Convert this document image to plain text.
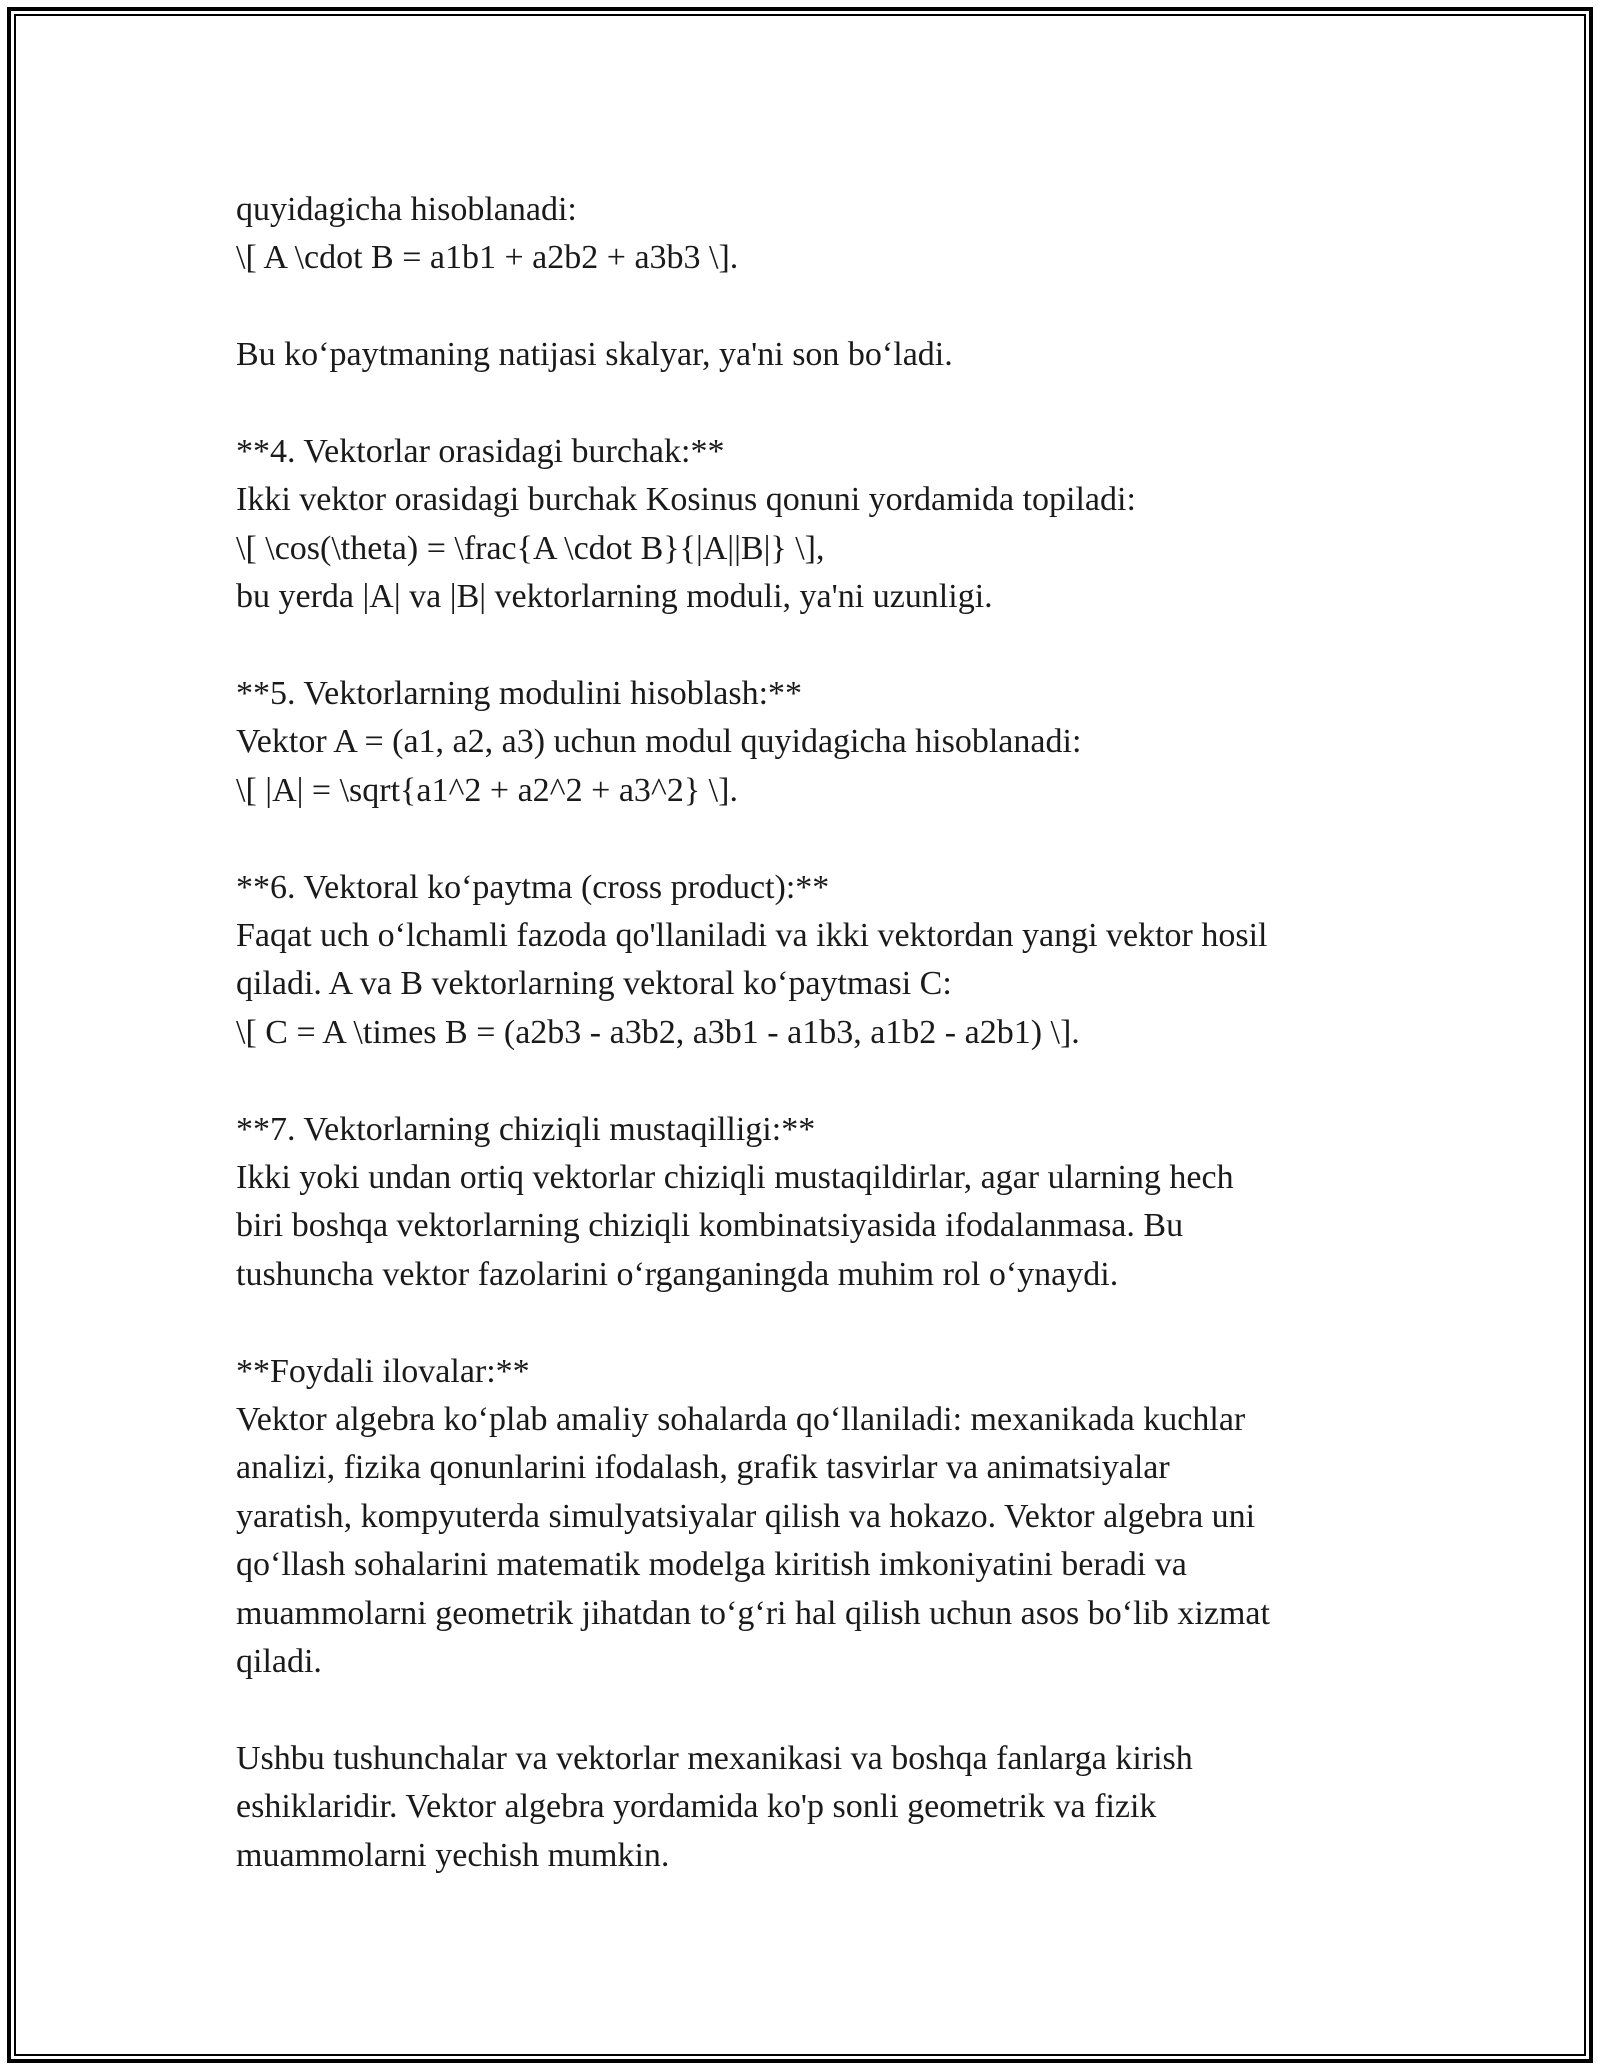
quyidagicha hisoblanadi:
\[ A \cdot B = a1b1 + a2b2 + a3b3 \].
Bu ko‘paytmaning natijasi skalyar, ya'ni son bo‘ladi.
**4. Vektorlar orasidagi burchak:**
Ikki vektor orasidagi burchak Kosinus qonuni yordamida topiladi:
\[ \cos(\theta) = \frac{A \cdot B}{|A||B|} \],
bu yerda |A| va |B| vektorlarning moduli, ya'ni uzunligi.
**5. Vektorlarning modulini hisoblash:**
Vektor A = (a1, a2, a3) uchun modul quyidagicha hisoblanadi:
\[ |A| = \sqrt{a1^2 + a2^2 + a3^2} \].
**6. Vektoral ko‘paytma (cross product):**
Faqat uch o‘lchamli fazoda qo'llaniladi va ikki vektordan yangi vektor hosil
qiladi. A va B vektorlarning vektoral ko‘paytmasi C:
\[ C = A \times B = (a2b3 - a3b2, a3b1 - a1b3, a1b2 - a2b1) \].
**7. Vektorlarning chiziqli mustaqilligi:**
Ikki yoki undan ortiq vektorlar chiziqli mustaqildirlar, agar ularning hech
biri boshqa vektorlarning chiziqli kombinatsiyasida ifodalanmasa. Bu
tushuncha vektor fazolarini o‘rganganingda muhim rol o‘ynaydi.
**Foydali ilovalar:**
Vektor algebra ko‘plab amaliy sohalarda qo‘llaniladi: mexanikada kuchlar
analizi, fizika qonunlarini ifodalash, grafik tasvirlar va animatsiyalar
yaratish, kompyuterda simulyatsiyalar qilish va hokazo. Vektor algebra uni
qo‘llash sohalarini matematik modelga kiritish imkoniyatini beradi va
muammolarni geometrik jihatdan to‘g‘ri hal qilish uchun asos bo‘lib xizmat
qiladi.
Ushbu tushunchalar va vektorlar mexanikasi va boshqa fanlarga kirish
eshiklaridir. Vektor algebra yordamida ko'p sonli geometrik va fizik
muammolarni yechish mumkin.
